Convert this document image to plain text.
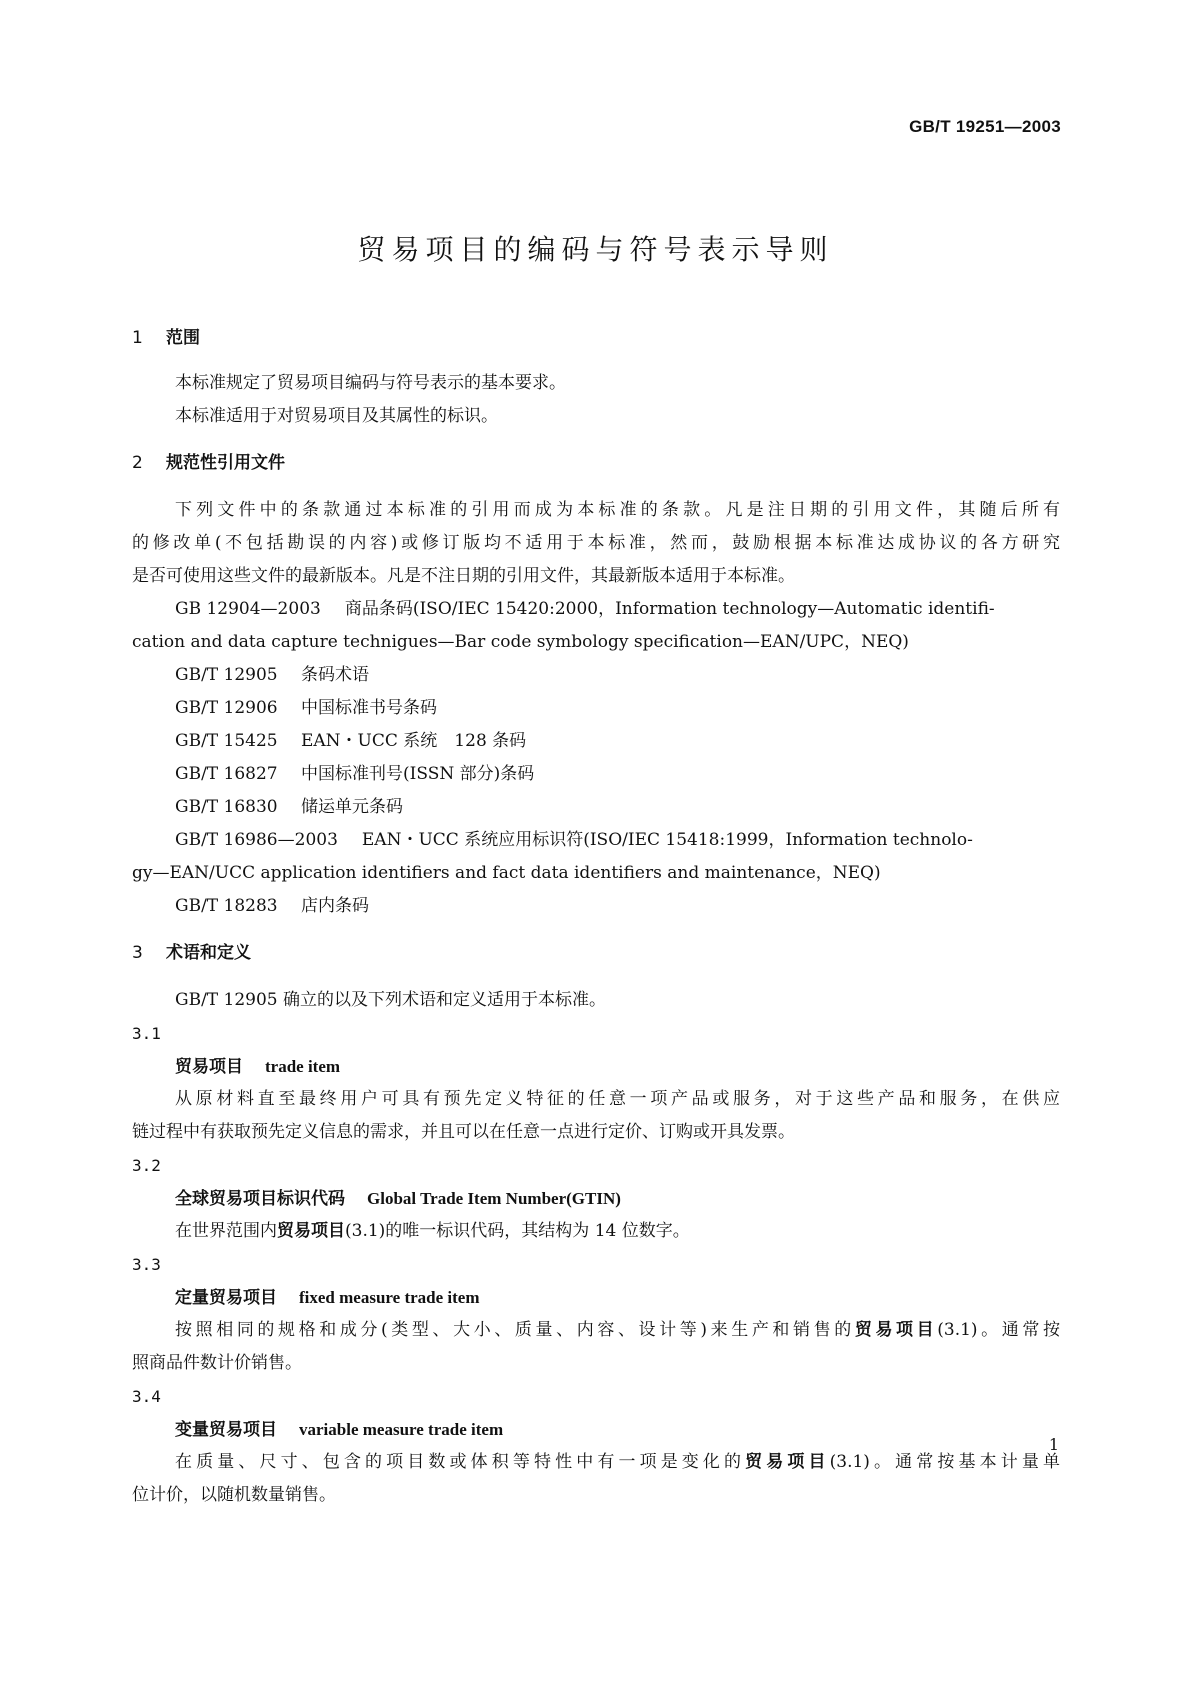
GB/T 19251—2003
贸易项目的编码与符号表示导则
1 范围
本标准规定了贸易项目编码与符号表示的基本要求。
本标准适用于对贸易项目及其属性的标识。
2 规范性引用文件
下列文件中的条款通过本标准的引用而成为本标准的条款。凡是注日期的引用文件，其随后所有
的修改单(不包括勘误的内容)或修订版均不适用于本标准，然而，鼓励根据本标准达成协议的各方研究
是否可使用这些文件的最新版本。凡是不注日期的引用文件，其最新版本适用于本标准。
GB 12904—2003 商品条码(ISO/IEC 15420:2000，Information technology—Automatic identifi-
cation and data capture technigues—Bar code symbology specification—EAN/UPC，NEQ)
GB/T 12905 条码术语
GB/T 12906 中国标准书号条码
GB/T 15425 EAN・UCC 系统　128 条码
GB/T 16827 中国标准刊号(ISSN 部分)条码
GB/T 16830 储运单元条码
GB/T 16986—2003 EAN・UCC 系统应用标识符(ISO/IEC 15418:1999，Information technolo-
gy—EAN/UCC application identifiers and fact data identifiers and maintenance，NEQ)
GB/T 18283 店内条码
3 术语和定义
GB/T 12905 确立的以及下列术语和定义适用于本标准。
3.1
贸易项目 trade item
从原材料直至最终用户可具有预先定义特征的任意一项产品或服务，对于这些产品和服务，在供应
链过程中有获取预先定义信息的需求，并且可以在任意一点进行定价、订购或开具发票。
3.2
全球贸易项目标识代码 Global Trade Item Number(GTIN)
在世界范围内贸易项目(3.1)的唯一标识代码，其结构为 14 位数字。
3.3
定量贸易项目 fixed measure trade item
按照相同的规格和成分(类型、大小、质量、内容、设计等)来生产和销售的贸易项目(3.1)。通常按
照商品件数计价销售。
3.4
变量贸易项目 variable measure trade item
在质量、尺寸、包含的项目数或体积等特性中有一项是变化的贸易项目(3.1)。通常按基本计量单
位计价，以随机数量销售。
1
